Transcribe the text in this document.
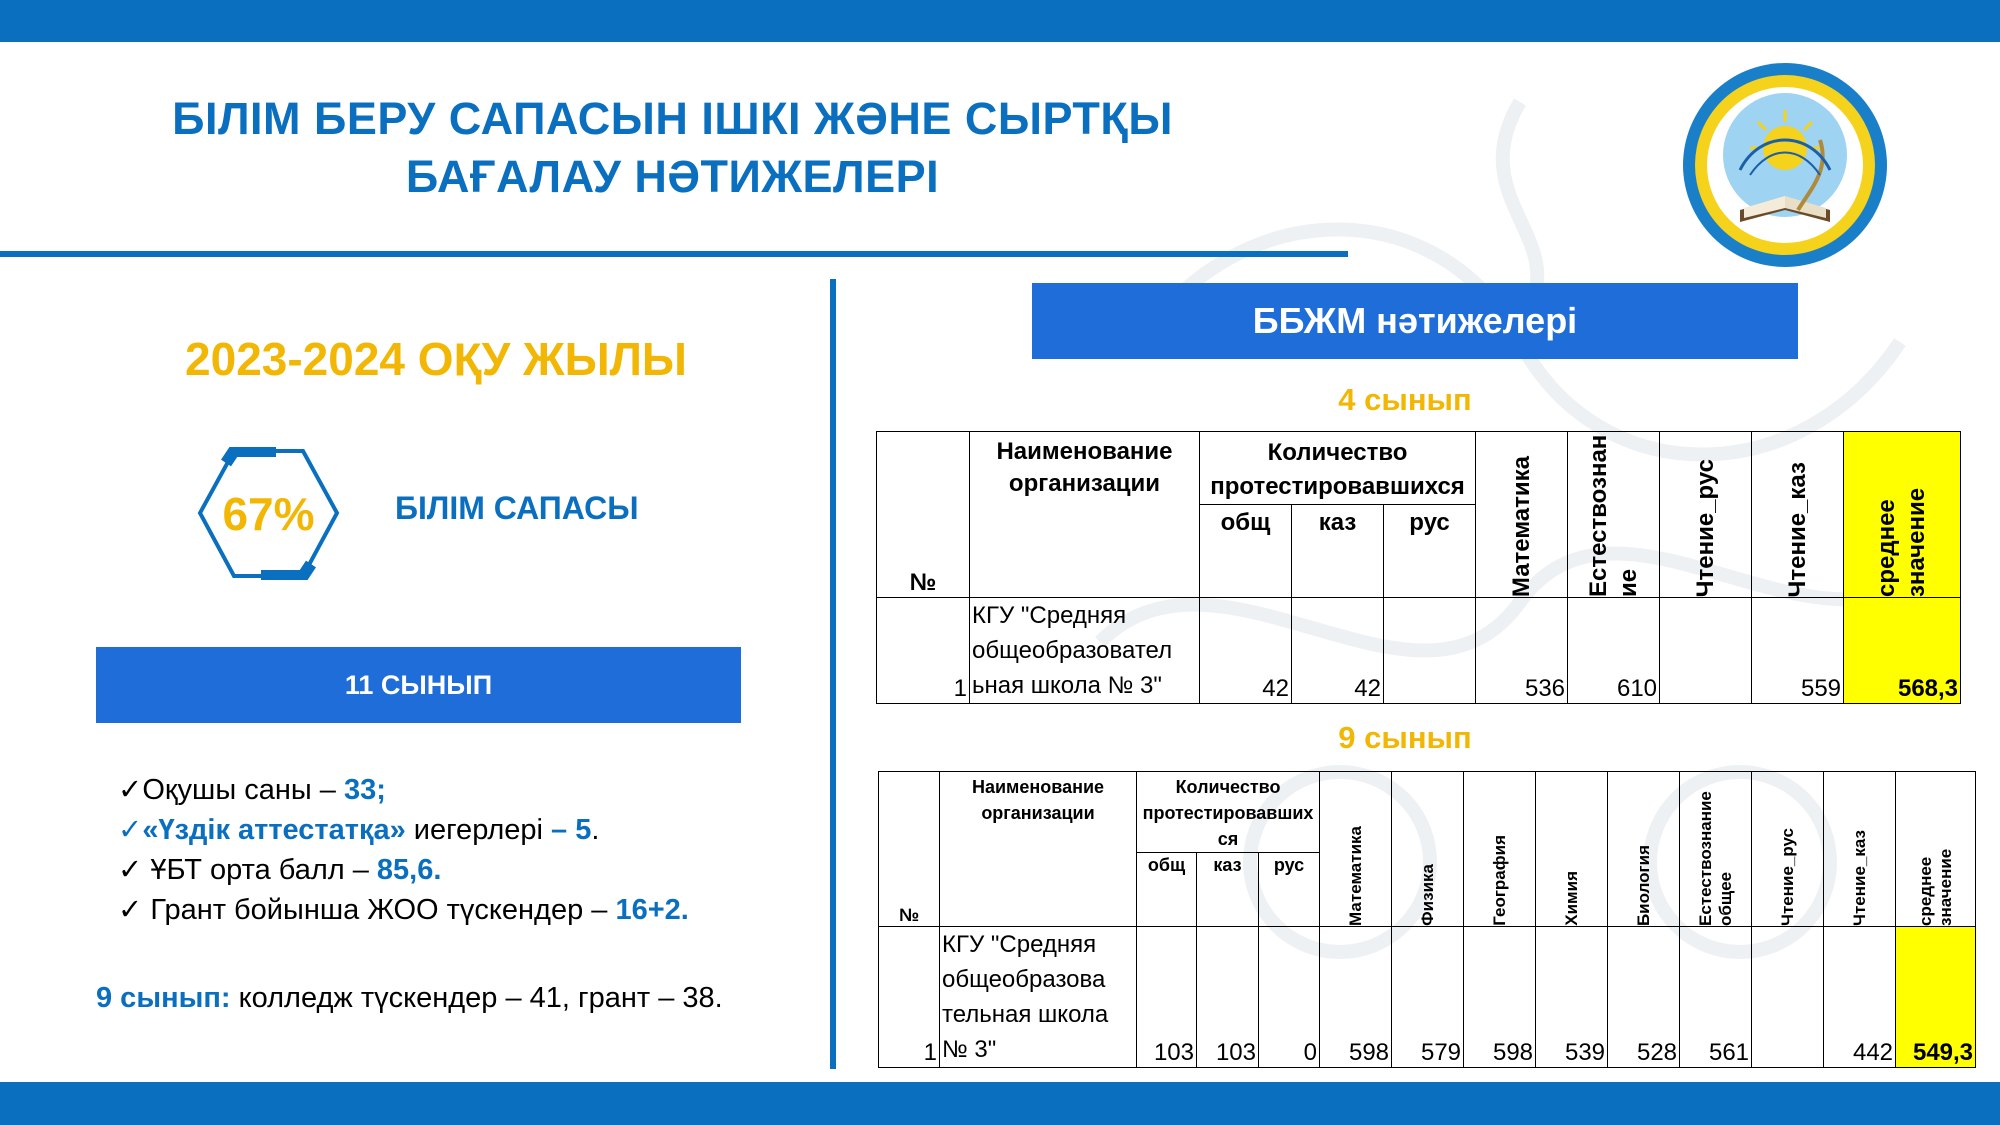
БІЛІМ БЕРУ САПАСЫН ІШКІ ЖӘНЕ СЫРТҚЫ
БАҒАЛАУ НӘТИЖЕЛЕРІ
2023-2024 ОҚУ ЖЫЛЫ
67%	БІЛІМ САПАСЫ
11 СЫНЫП
✓Оқушы саны – 33;
✓«Үздік аттестатқа» иегерлері – 5.
✓ ҰБТ орта балл – 85,6.
✓ Грант бойынша ЖОО түскендер – 16+2.
9 сынып: колледж түскендер – 41, грант – 38.
ББЖМ нәтижелері
4 сынып
№	Наименование организации	Количество протестировавшихся			Математика	Естествознан ие	Чтение_рус	Чтение_каз	среднее значение

		общ	каз	рус					
1	КГУ "Средняя общеобразовател ьная школа № 3"	42	42		536	610		559	568,3
9 сынып
№	Наименование организации	Количество протестировавших ся			Математика	Физика	География	Химия	Биология	Естествознание общее	Чтение_рус	Чтение_каз	среднее значение

		общ	каз	рус									
1	КГУ "Средняя общеобразова тельная школа № 3"	103	103	0	598	579	598	539	528	561		442	549,3
